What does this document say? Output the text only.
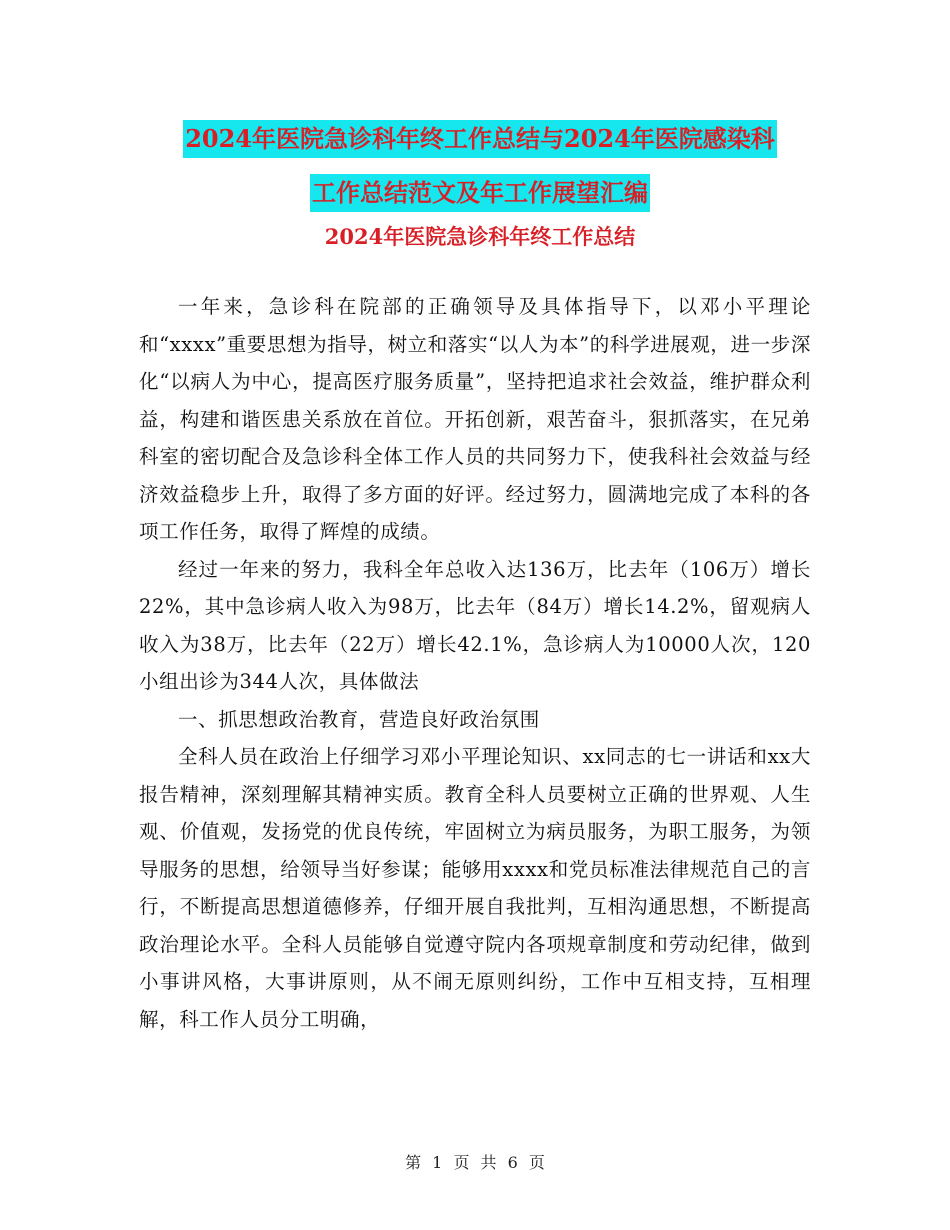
2024年医院急诊科年终工作总结与2024年医院感染科
工作总结范文及年工作展望汇编
2024年医院急诊科年终工作总结

一年来，急诊科在院部的正确领导及具体指导下，以邓小平理论和“xxxx”重要思想为指导，树立和落实“以人为本”的科学进展观，进一步深化“以病人为中心，提高医疗服务质量”，坚持把追求社会效益，维护群众利益，构建和谐医患关系放在首位。开拓创新，艰苦奋斗，狠抓落实，在兄弟科室的密切配合及急诊科全体工作人员的共同努力下，使我科社会效益与经济效益稳步上升，取得了多方面的好评。经过努力，圆满地完成了本科的各项工作任务，取得了辉煌的成绩。

经过一年来的努力，我科全年总收入达136万，比去年（106万）增长22%，其中急诊病人收入为98万，比去年（84万）增长14.2%，留观病人收入为38万，比去年（22万）增长42.1%，急诊病人为10000人次，120小组出诊为344人次，具体做法

一、抓思想政治教育，营造良好政治氛围

全科人员在政治上仔细学习邓小平理论知识、xx同志的七一讲话和xx大报告精神，深刻理解其精神实质。教育全科人员要树立正确的世界观、人生观、价值观，发扬党的优良传统，牢固树立为病员服务，为职工服务，为领导服务的思想，给领导当好参谋；能够用xxxx和党员标准法律规范自己的言行，不断提高思想道德修养，仔细开展自我批判，互相沟通思想，不断提高政治理论水平。全科人员能够自觉遵守院内各项规章制度和劳动纪律，做到小事讲风格，大事讲原则，从不闹无原则纠纷，工作中互相支持，互相理解，科工作人员分工明确，

第 1 页 共 6 页
